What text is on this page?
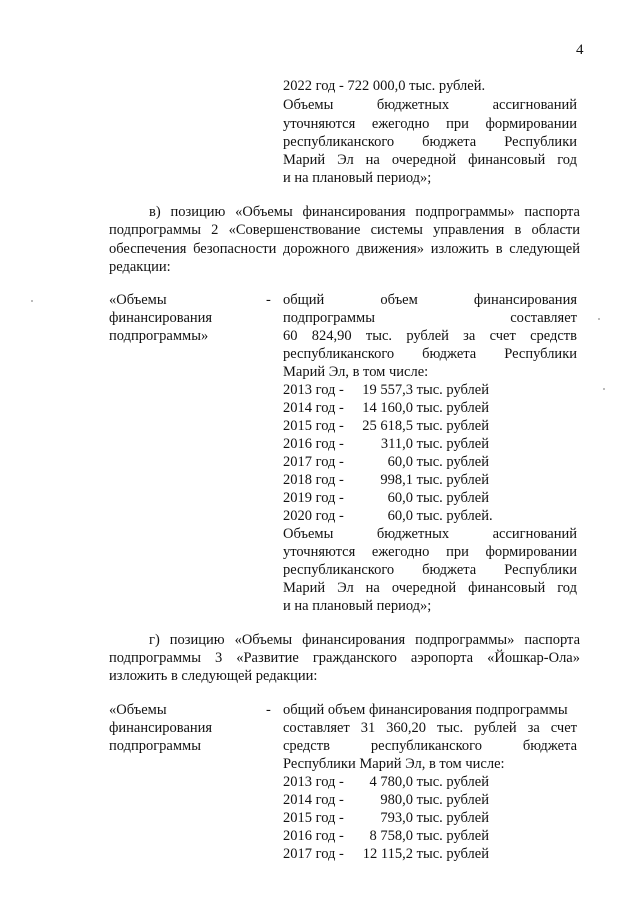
4
2022 год - 722 000,0 тыс. рублей.
Объемы бюджетных ассигнований
уточняются ежегодно при формировании
республиканского бюджета Республики
Марий Эл на очередной финансовый год
и на плановый период»;
в) позицию «Объемы финансирования подпрограммы» паспорта
подпрограммы 2 «Совершенствование системы управления в области
обеспечения безопасности дорожного движения» изложить в следующей
редакции:
«Объемы
финансирования
подпрограммы»
- общий объем финансирования
подпрограммы составляет
60 824,90 тыс. рублей за счет средств
республиканского бюджета Республики
Марий Эл, в том числе:
2013 год - 19 557,3 тыс. рублей
2014 год - 14 160,0 тыс. рублей
2015 год - 25 618,5 тыс. рублей
2016 год -	311,0 тыс. рублей
2017 год -	60,0 тыс. рублей
2018 год -	998,1 тыс. рублей
2019 год -	60,0 тыс. рублей
2020 год -	60,0 тыс. рублей.
Объемы бюджетных ассигнований
уточняются ежегодно при формировании
республиканского бюджета Республики
Марий Эл на очередной финансовый год
и на плановый период»;
г) позицию «Объемы финансирования подпрограммы» паспорта
подпрограммы 3 «Развитие гражданского аэропорта «Йошкар-Ола»
изложить в следующей редакции:
«Объемы
финансирования
подпрограммы
- общий объем финансирования подпрограммы
составляет 31 360,20 тыс. рублей за счет
средств республиканского бюджета
Республики Марий Эл, в том числе:
2013 год - 4 780,0 тыс. рублей
2014 год -	980,0 тыс. рублей
2015 год -	793,0 тыс. рублей
2016 год - 8 758,0 тыс. рублей
2017 год - 12 115,2 тыс. рублей
